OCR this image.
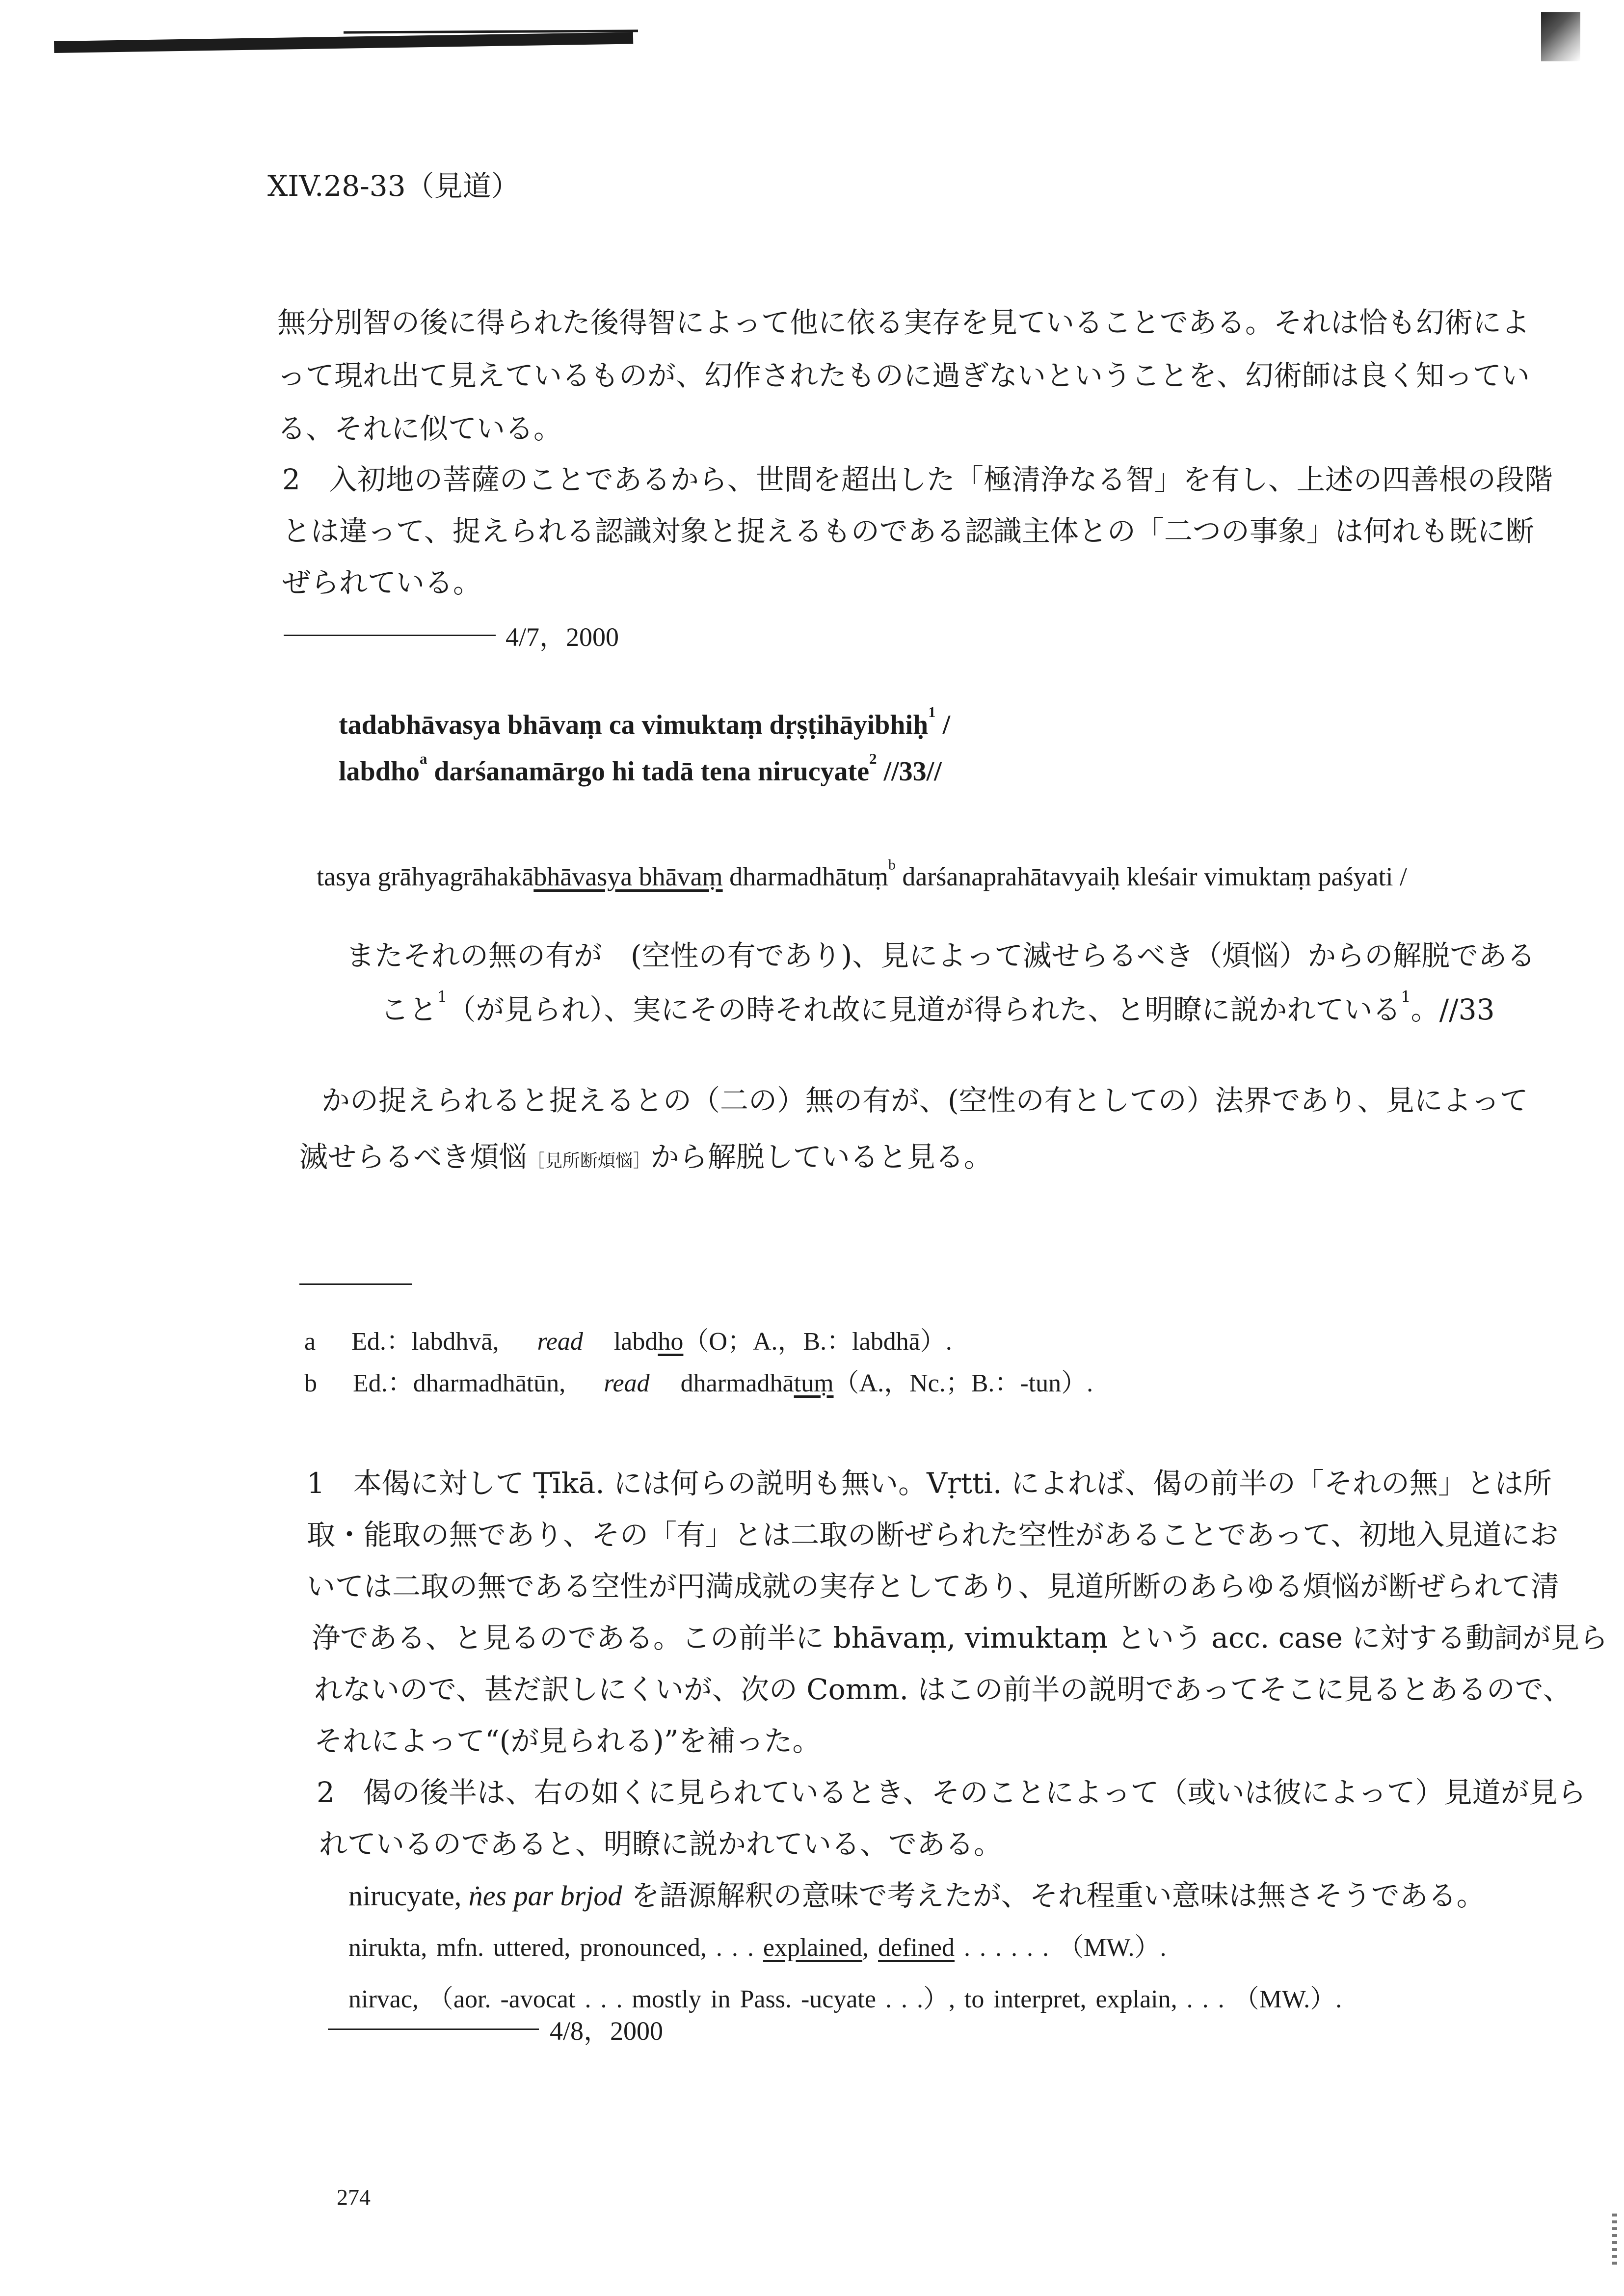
XIV.28-33（見道）
無分別智の後に得られた後得智によって他に依る実存を見ていることである。それは恰も幻術によ
って現れ出て見えているものが、幻作されたものに過ぎないということを、幻術師は良く知ってい
る、それに似ている。
2　入初地の菩薩のことであるから、世間を超出した「極清浄なる智」を有し、上述の四善根の段階
とは違って、捉えられる認識対象と捉えるものである認識主体との「二つの事象」は何れも既に断
ぜられている。
4/7，2000
tadabhāvasya bhāvaṃ ca vimuktaṃ dṛṣṭihāyibhiḥ$^1$ /
labdho$^a$ darśanamārgo hi tadā tena nirucyate$^2$ //33//
tasya grāhyagrāhakābhāvasya bhāvaṃ dharmadhātuṃ$^b$ darśanaprahātavyaiḥ kleśair vimuktaṃ paśyati /
またそれの無の有が　(空性の有であり)、見によって滅せらるべき（煩悩）からの解脱である
こと$^1$（が見られ）、実にその時それ故に見道が得られた、と明瞭に説かれている$^1$。//33
かの捉えられると捉えるとの（二の）無の有が、(空性の有としての）法界であり、見によって
滅せらるべき煩悩［見所断煩悩］から解脱していると見る。
a Ed.：labdhvā, read labdho（O；A.，B.：labdhā）.
b Ed.：dharmadhātūn, read dharmadhātuṃ（A.，Nc.；B.：-tun）.
1　本偈に対して Ṭīkā. には何らの説明も無い。Vṛtti. によれば、偈の前半の「それの無」とは所
取・能取の無であり、その「有」とは二取の断ぜられた空性があることであって、初地入見道にお
いては二取の無である空性が円満成就の実存としてあり、見道所断のあらゆる煩悩が断ぜられて清
浄である、と見るのである。この前半に bhāvaṃ, vimuktaṃ という acc. case に対する動詞が見ら
れないので、甚だ訳しにくいが、次の Comm. はこの前半の説明であってそこに見るとあるので、
それによって“(が見られる)”を補った。
2　偈の後半は、右の如くに見られているとき、そのことによって（或いは彼によって）見道が見ら
れているのであると、明瞭に説かれている、である。
nirucyate, ṅes par brjod を語源解釈の意味で考えたが、それ程重い意味は無さそうである。
nirukta, mfn. uttered, pronounced, . . . explained, defined . . . . . . （MW.）.
nirvac, （aor. -avocat . . . mostly in Pass. -ucyate . . .）, to interpret, explain, . . . （MW.）.
4/8，2000
274
